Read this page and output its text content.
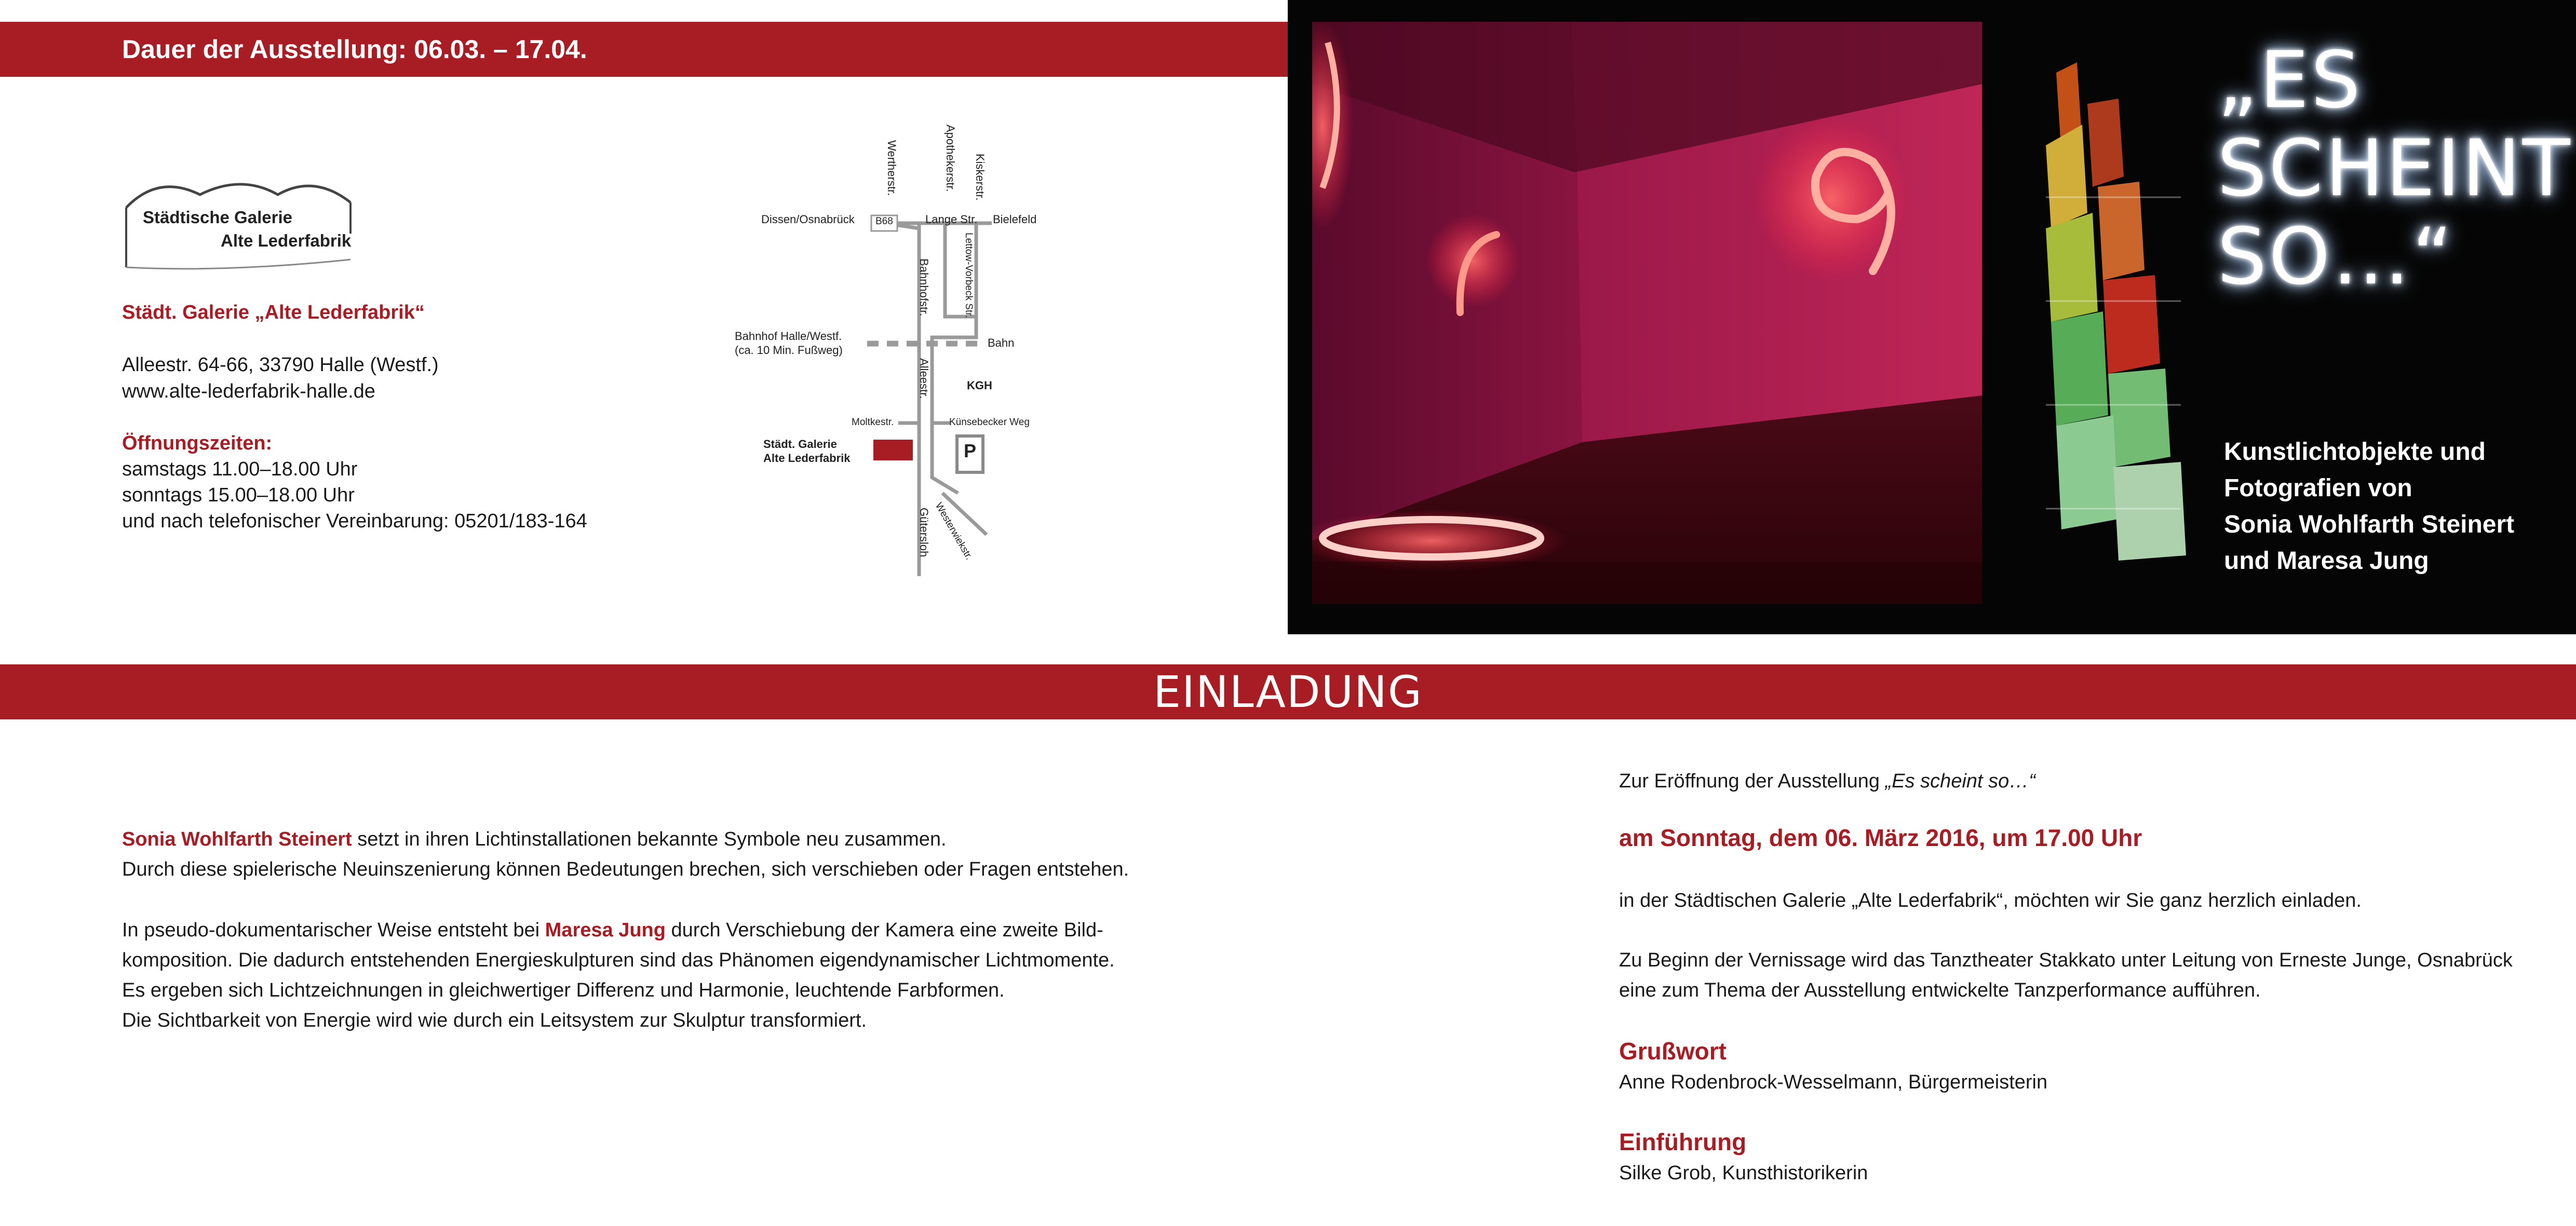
Dauer der Ausstellung: 06.03. – 17.04.
Städtische Galerie
Alte Lederfabrik
Städt. Galerie „Alte Lederfabrik“
Alleestr. 64-66, 33790 Halle (Westf.)
www.alte-lederfabrik-halle.de
Öffnungszeiten:
samstags 11.00–18.00 Uhr
sonntags 15.00–18.00 Uhr
und nach telefonischer Vereinbarung: 05201/183-164
Wertherstr.	Apothekerstr. Kiskerstr.
Dissen/Osnabrück B68	Lange Str. Bielefeld
Lettow-Vorbeck Str.
Bahnhofstr.
Bahnhof Halle/Westf.
(ca. 10 Min. Fußweg)
Bahn
Alleestr.	KGH
Moltkestr.	Künsebecker Weg
Städt. Galerie
Alte Lederfabrik	P
Westerwiekstr.
Gütersloh
„ES
SCHEINT
SO…“
Kunstlichtobjekte und
Fotografien von
Sonia Wohlfarth Steinert
und Maresa Jung
EINLADUNG
Sonia Wohlfarth Steinert setzt in ihren Lichtinstallationen bekannte Symbole neu zusammen.
Durch diese spielerische Neuinszenierung können Bedeutungen brechen, sich verschieben oder Fragen entstehen.
In pseudo-dokumentarischer Weise entsteht bei Maresa Jung durch Verschiebung der Kamera eine zweite Bild-
komposition. Die dadurch entstehenden Energieskulpturen sind das Phänomen eigendynamischer Lichtmomente.
Es ergeben sich Lichtzeichnungen in gleichwertiger Differenz und Harmonie, leuchtende Farbformen.
Die Sichtbarkeit von Energie wird wie durch ein Leitsystem zur Skulptur transformiert.
Zur Eröffnung der Ausstellung „Es scheint so…“
am Sonntag, dem 06. März 2016, um 17.00 Uhr
in der Städtischen Galerie „Alte Lederfabrik“, möchten wir Sie ganz herzlich einladen.
Zu Beginn der Vernissage wird das Tanztheater Stakkato unter Leitung von Erneste Junge, Osnabrück
eine zum Thema der Ausstellung entwickelte Tanzperformance aufführen.
Grußwort
Anne Rodenbrock-Wesselmann, Bürgermeisterin
Einführung
Silke Grob, Kunsthistorikerin
